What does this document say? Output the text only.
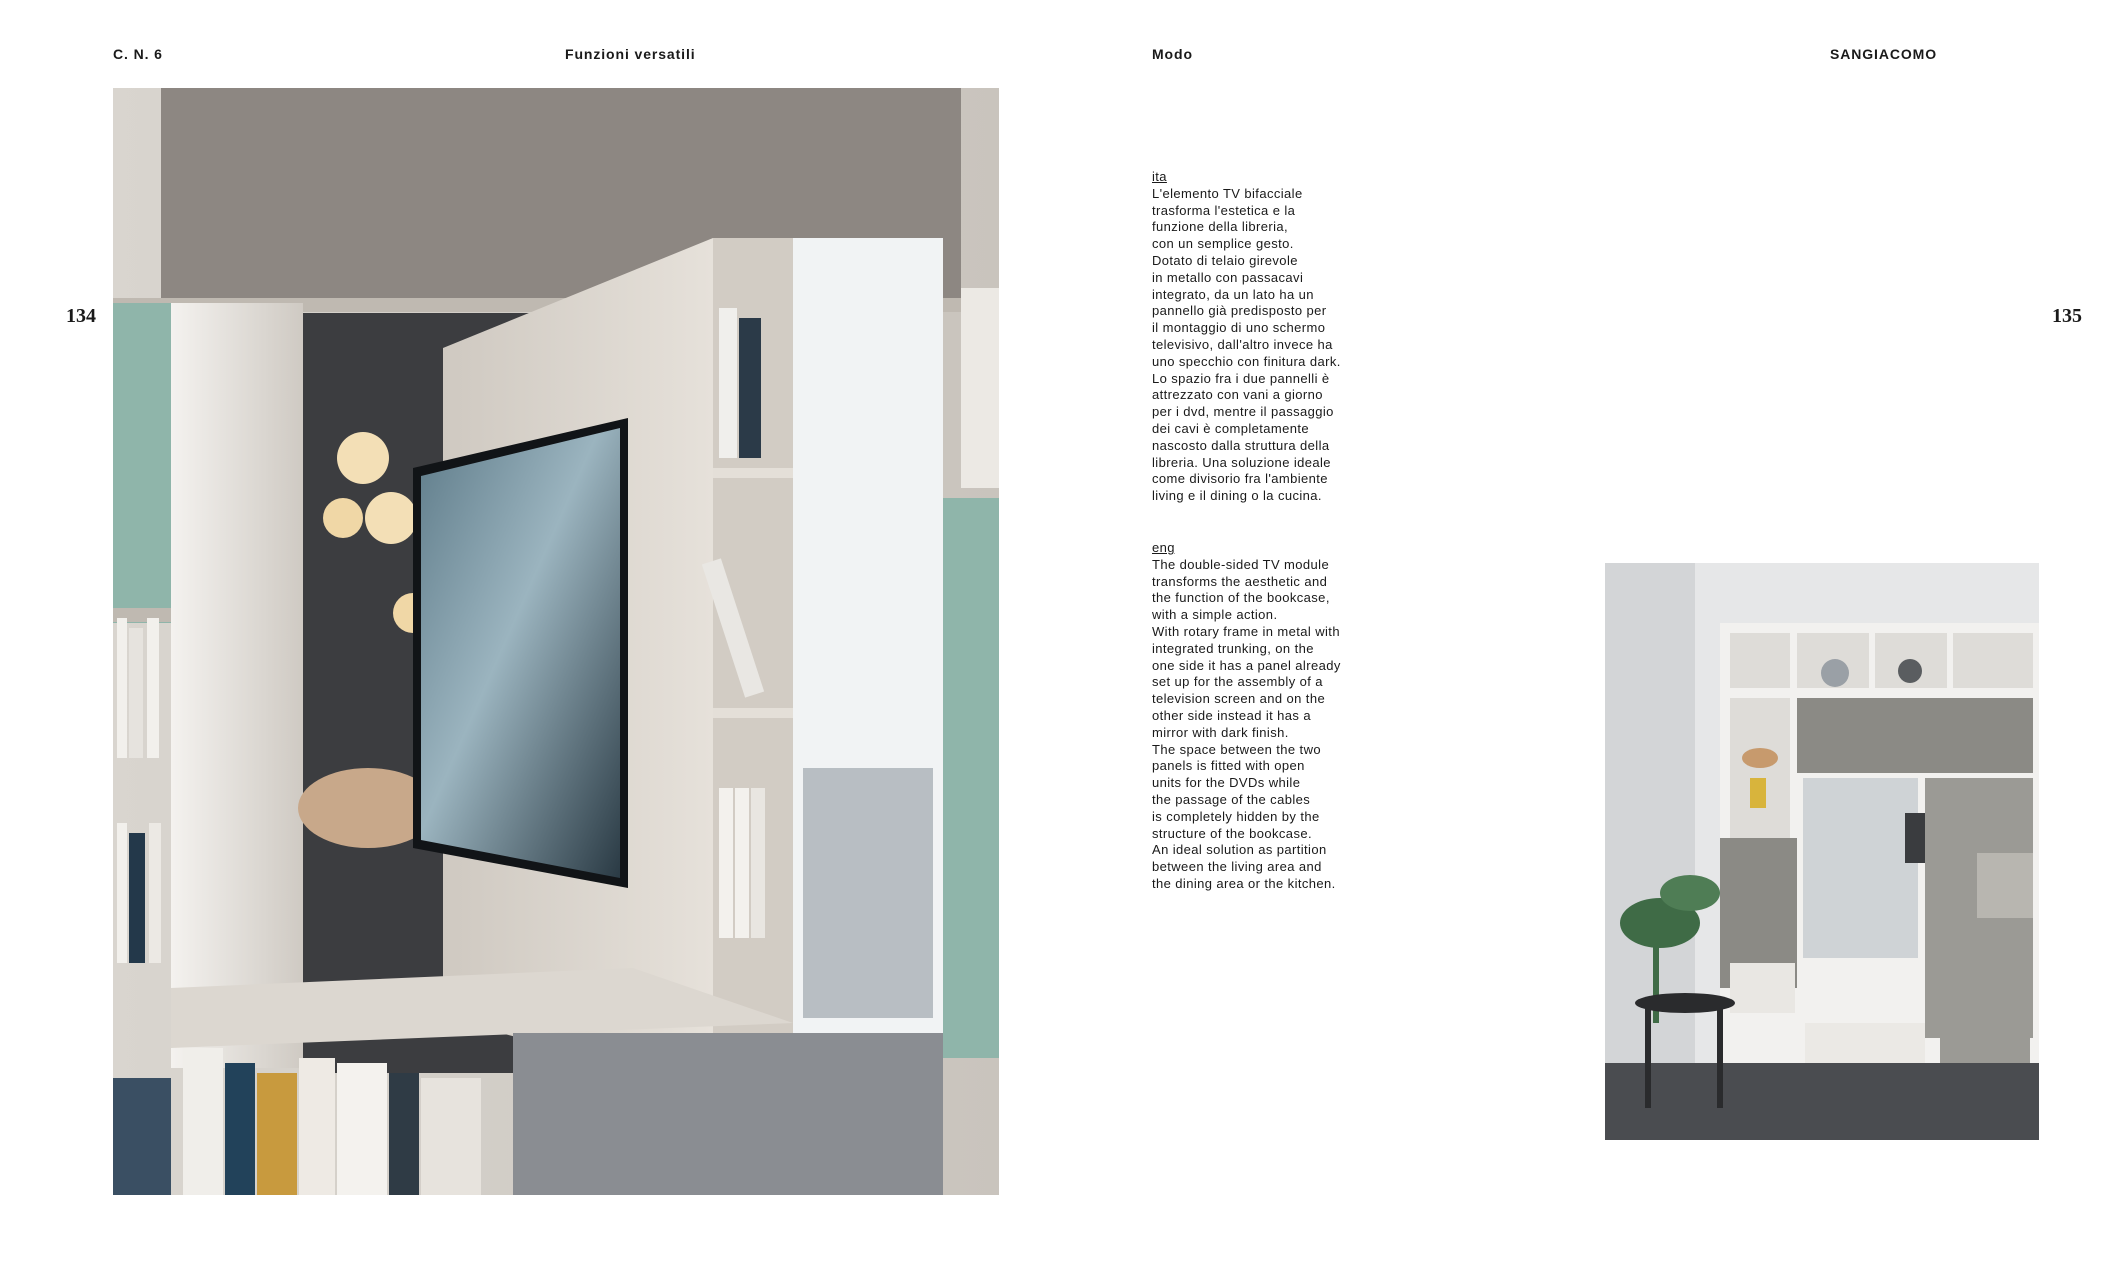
C. N. 6	Funzioni versatili	Modo	SANGIACOMO
134	135
ita
L'elemento TV bifacciale
trasforma l'estetica e la
funzione della libreria,
con un semplice gesto.
Dotato di telaio girevole
in metallo con passacavi
integrato, da un lato ha un
pannello già predisposto per
il montaggio di uno schermo
televisivo, dall'altro invece ha
uno specchio con finitura dark.
Lo spazio fra i due pannelli è
attrezzato con vani a giorno
per i dvd, mentre il passaggio
dei cavi è completamente
nascosto dalla struttura della
libreria. Una soluzione ideale
come divisorio fra l'ambiente
living e il dining o la cucina.
eng
The double-sided TV module
transforms the aesthetic and
the function of the bookcase,
with a simple action.
With rotary frame in metal with
integrated trunking, on the
one side it has a panel already
set up for the assembly of a
television screen and on the
other side instead it has a
mirror with dark finish.
The space between the two
panels is fitted with open
units for the DVDs while
the passage of the cables
is completely hidden by the
structure of the bookcase.
An ideal solution as partition
between the living area and
the dining area or the kitchen.
